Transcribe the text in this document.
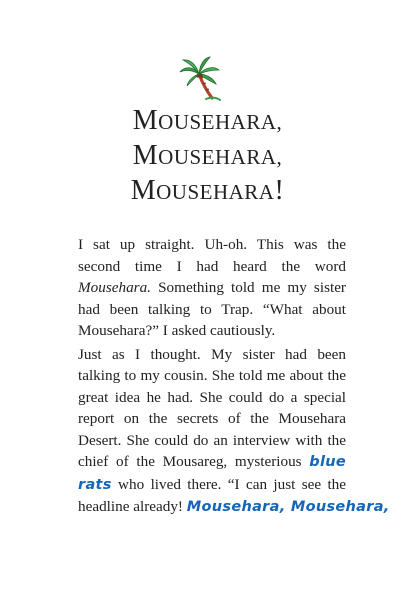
MOUSEHARA,
MOUSEHARA,
MOUSEHARA!
I sat up straight. Uh-oh. This was the
second time I had heard the word
Mousehara. Something told me my sister
had been talking to Trap. “What about
Mousehara?” I asked cautiously.
Just as I thought. My sister had been
talking to my cousin. She told me about the
great idea he had. She could do a special
report on the secrets of the Mousehara
Desert. She could do an interview with the
chief of the Mousareg, mysterious blue
rats who lived there. “I can just see the
headline already! Mousehara, Mousehara,
